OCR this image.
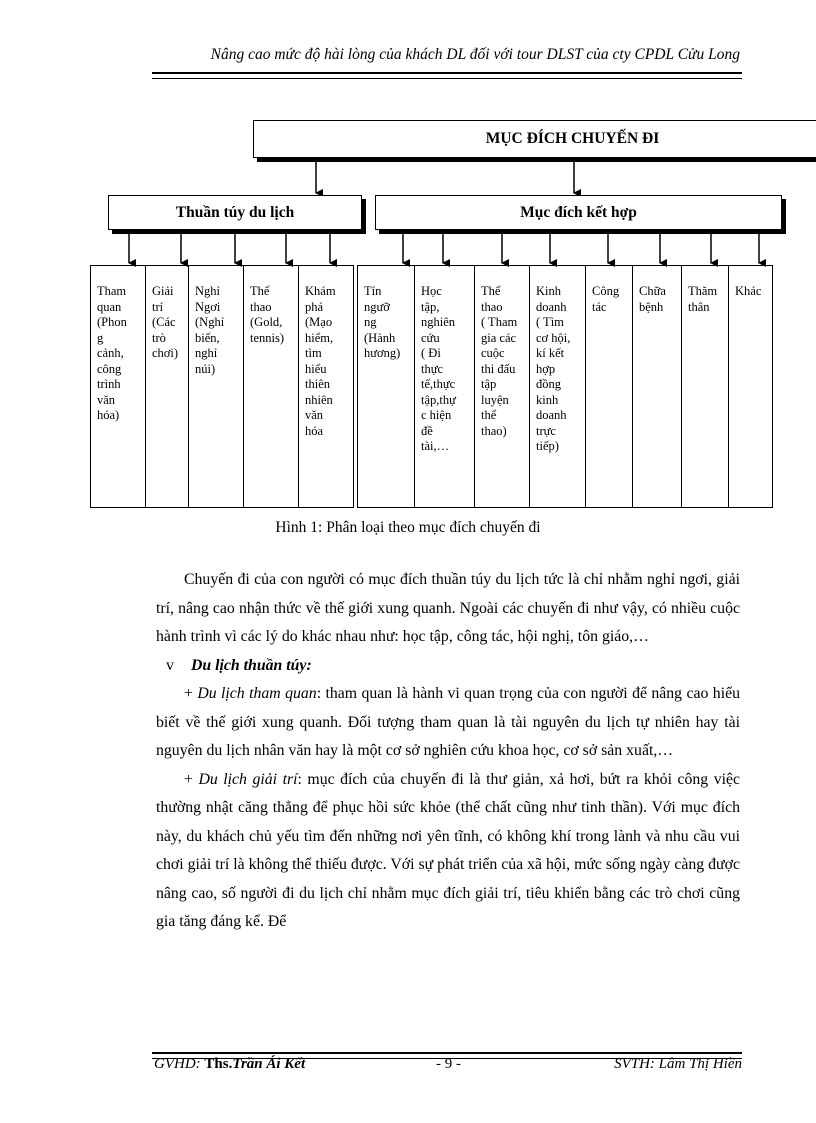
Nâng cao mức độ hài lòng của khách DL đối với tour DLST của cty CPDL Cửu Long
MỤC ĐÍCH CHUYẾN ĐI
Thuần túy du lịch	Mục đích kết hợp
Tham
quan
(Phon
g
cảnh,
công
trình
văn
hóa)
Giải
trí
(Các
trò
chơi)
Nghỉ
Ngơi
(Nghỉ
biển,
nghỉ
núi)
Thể
thao
(Gold,
tennis)
Khám
phá
(Mạo
hiểm,
tìm
hiểu
thiên
nhiên
văn
hóa
Tín
ngưỡ
ng
(Hành
hương)
Học
tập,
nghiên
cứu
( Đi
thực
tế,thực
tập,thự
c hiện
đề
tài,…
Thể
thao
( Tham
gia các
cuộc
thi đấu
tập
luyện
thể
thao)
Kinh
doanh
( Tìm
cơ hội,
kí kết
hợp
đồng
kinh
doanh
trực
tiếp)
Công
tác
Chữa
bệnh
Thăm
thân
Khác
Hình 1: Phân loại theo mục đích chuyến đi

Chuyến đi của con người có mục đích thuần túy du lịch tức là chỉ nhằm nghỉ ngơi, giải trí, nâng cao nhận thức về thế giới xung quanh. Ngoài các chuyến đi như vậy, có nhiều cuộc hành trình vì các lý do khác nhau như: học tập, công tác, hội nghị, tôn giáo,…

v Du lịch thuần túy:

+ Du lịch tham quan: tham quan là hành vi quan trọng của con người để nâng cao hiểu biết về thế giới xung quanh. Đối tượng tham quan là tài nguyên du lịch tự nhiên hay tài nguyên du lịch nhân văn hay là một cơ sở nghiên cứu khoa học, cơ sở sản xuất,…

+ Du lịch giải trí: mục đích của chuyến đi là thư giản, xả hơi, bứt ra khỏi công việc thường nhật căng thẳng để phục hồi sức khỏe (thể chất cũng như tinh thần). Với mục đích này, du khách chủ yếu tìm đến những nơi yên tĩnh, có không khí trong lành và nhu cầu vui chơi giải trí là không thể thiếu được. Với sự phát triển của xã hội, mức sống ngày càng được nâng cao, số người đi du lịch chỉ nhằm mục đích giải trí, tiêu khiển bằng các trò chơi cũng gia tăng đáng kể. Để

GVHD: Ths.Trần Ái Kết	- 9 -	SVTH: Lâm Thị Hiền
